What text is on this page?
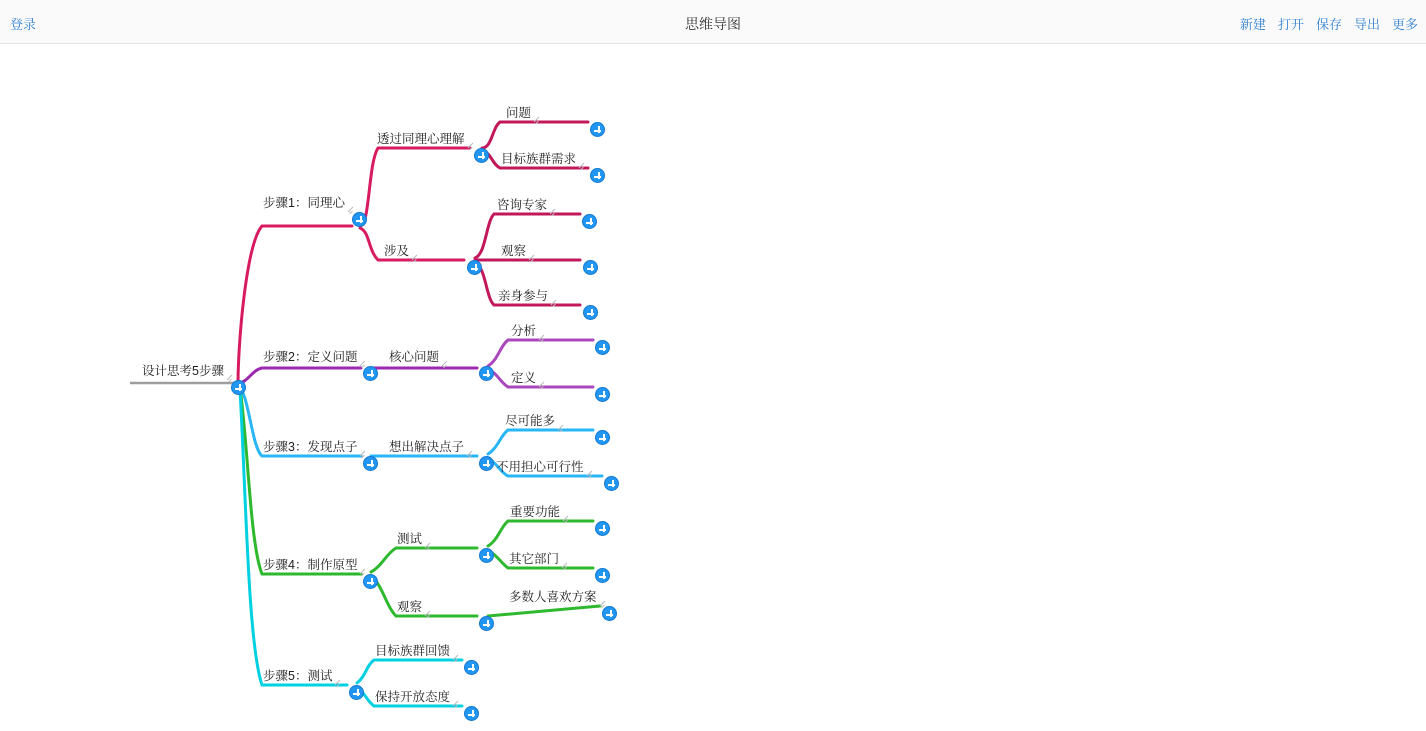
登录	思维导图	新建 打开 保存 导出 更多
设计思考5步骤
步骤1：同理心
透过同理心理解
问题
目标族群需求
涉及
咨询专家
观察
亲身参与
步骤2：定义问题	核心问题
分析
定义
步骤3：发现点子	想出解决点子
尽可能多
不用担心可行性
步骤4：制作原型
测试
重要功能
其它部门
观察
多数人喜欢方案
步骤5：测试
目标族群回馈
保持开放态度
